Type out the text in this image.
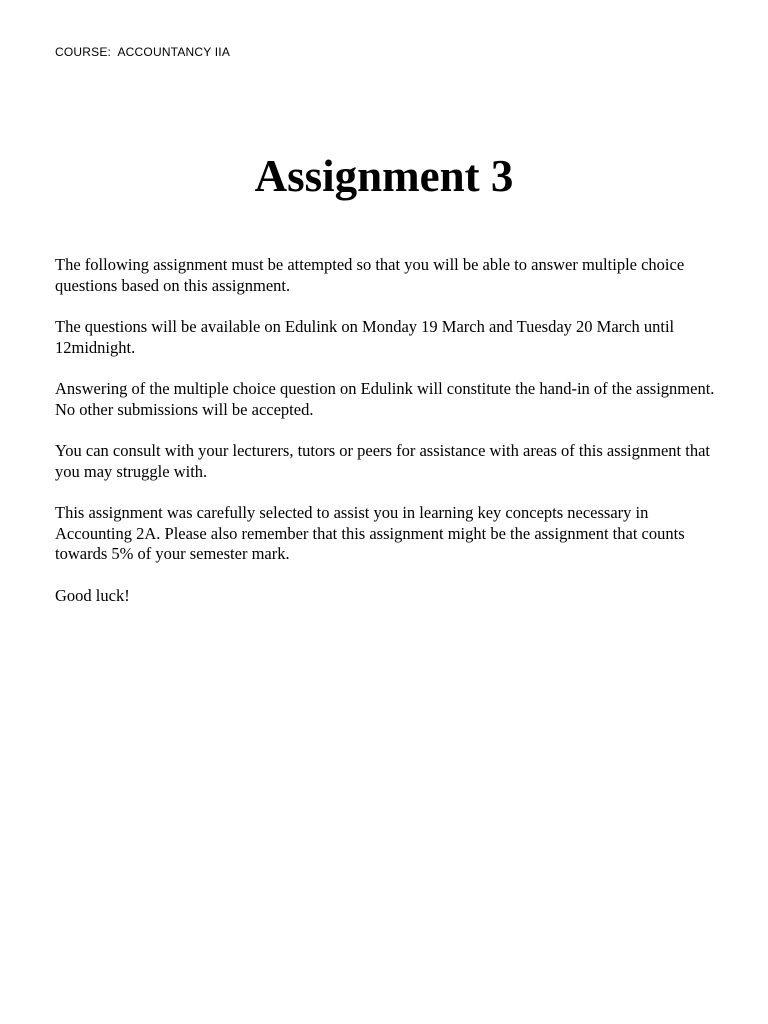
COURSE:  ACCOUNTANCY IIA
Assignment 3

The following assignment must be attempted so that you will be able to answer multiple choice questions based on this assignment.

The questions will be available on Edulink on Monday 19 March and Tuesday 20 March until 12midnight.

Answering of the multiple choice question on Edulink will constitute the hand-in of the assignment. No other submissions will be accepted.

You can consult with your lecturers, tutors or peers for assistance with areas of this assignment that you may struggle with.

This assignment was carefully selected to assist you in learning key concepts necessary in Accounting 2A. Please also remember that this assignment might be the assignment that counts towards 5% of your semester mark.

Good luck!
